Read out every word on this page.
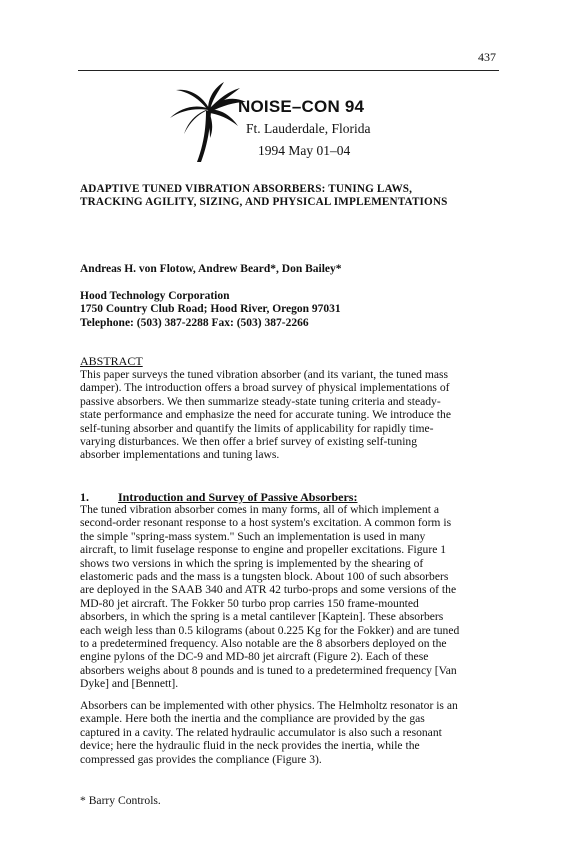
437
NOISE–CON 94
Ft. Lauderdale, Florida
1994 May 01–04
ADAPTIVE TUNED VIBRATION ABSORBERS: TUNING LAWS,
TRACKING AGILITY, SIZING, AND PHYSICAL IMPLEMENTATIONS
Andreas H. von Flotow, Andrew Beard*, Don Bailey*
Hood Technology Corporation
1750 Country Club Road; Hood River, Oregon 97031
Telephone: (503) 387-2288 Fax: (503) 387-2266
ABSTRACT
This paper surveys the tuned vibration absorber (and its variant, the tuned mass
damper). The introduction offers a broad survey of physical implementations of
passive absorbers. We then summarize steady-state tuning criteria and steady-
state performance and emphasize the need for accurate tuning. We introduce the
self-tuning absorber and quantify the limits of applicability for rapidly time-
varying disturbances. We then offer a brief survey of existing self-tuning
absorber implementations and tuning laws.
1. Introduction and Survey of Passive Absorbers:
The tuned vibration absorber comes in many forms, all of which implement a
second-order resonant response to a host system's excitation. A common form is
the simple "spring-mass system." Such an implementation is used in many
aircraft, to limit fuselage response to engine and propeller excitations. Figure 1
shows two versions in which the spring is implemented by the shearing of
elastomeric pads and the mass is a tungsten block. About 100 of such absorbers
are deployed in the SAAB 340 and ATR 42 turbo-props and some versions of the
MD-80 jet aircraft. The Fokker 50 turbo prop carries 150 frame-mounted
absorbers, in which the spring is a metal cantilever [Kaptein]. These absorbers
each weigh less than 0.5 kilograms (about 0.225 Kg for the Fokker) and are tuned
to a predetermined frequency. Also notable are the 8 absorbers deployed on the
engine pylons of the DC-9 and MD-80 jet aircraft (Figure 2). Each of these
absorbers weighs about 8 pounds and is tuned to a predetermined frequency [Van
Dyke] and [Bennett].
Absorbers can be implemented with other physics. The Helmholtz resonator is an
example. Here both the inertia and the compliance are provided by the gas
captured in a cavity. The related hydraulic accumulator is also such a resonant
device; here the hydraulic fluid in the neck provides the inertia, while the
compressed gas provides the compliance (Figure 3).
* Barry Controls.
